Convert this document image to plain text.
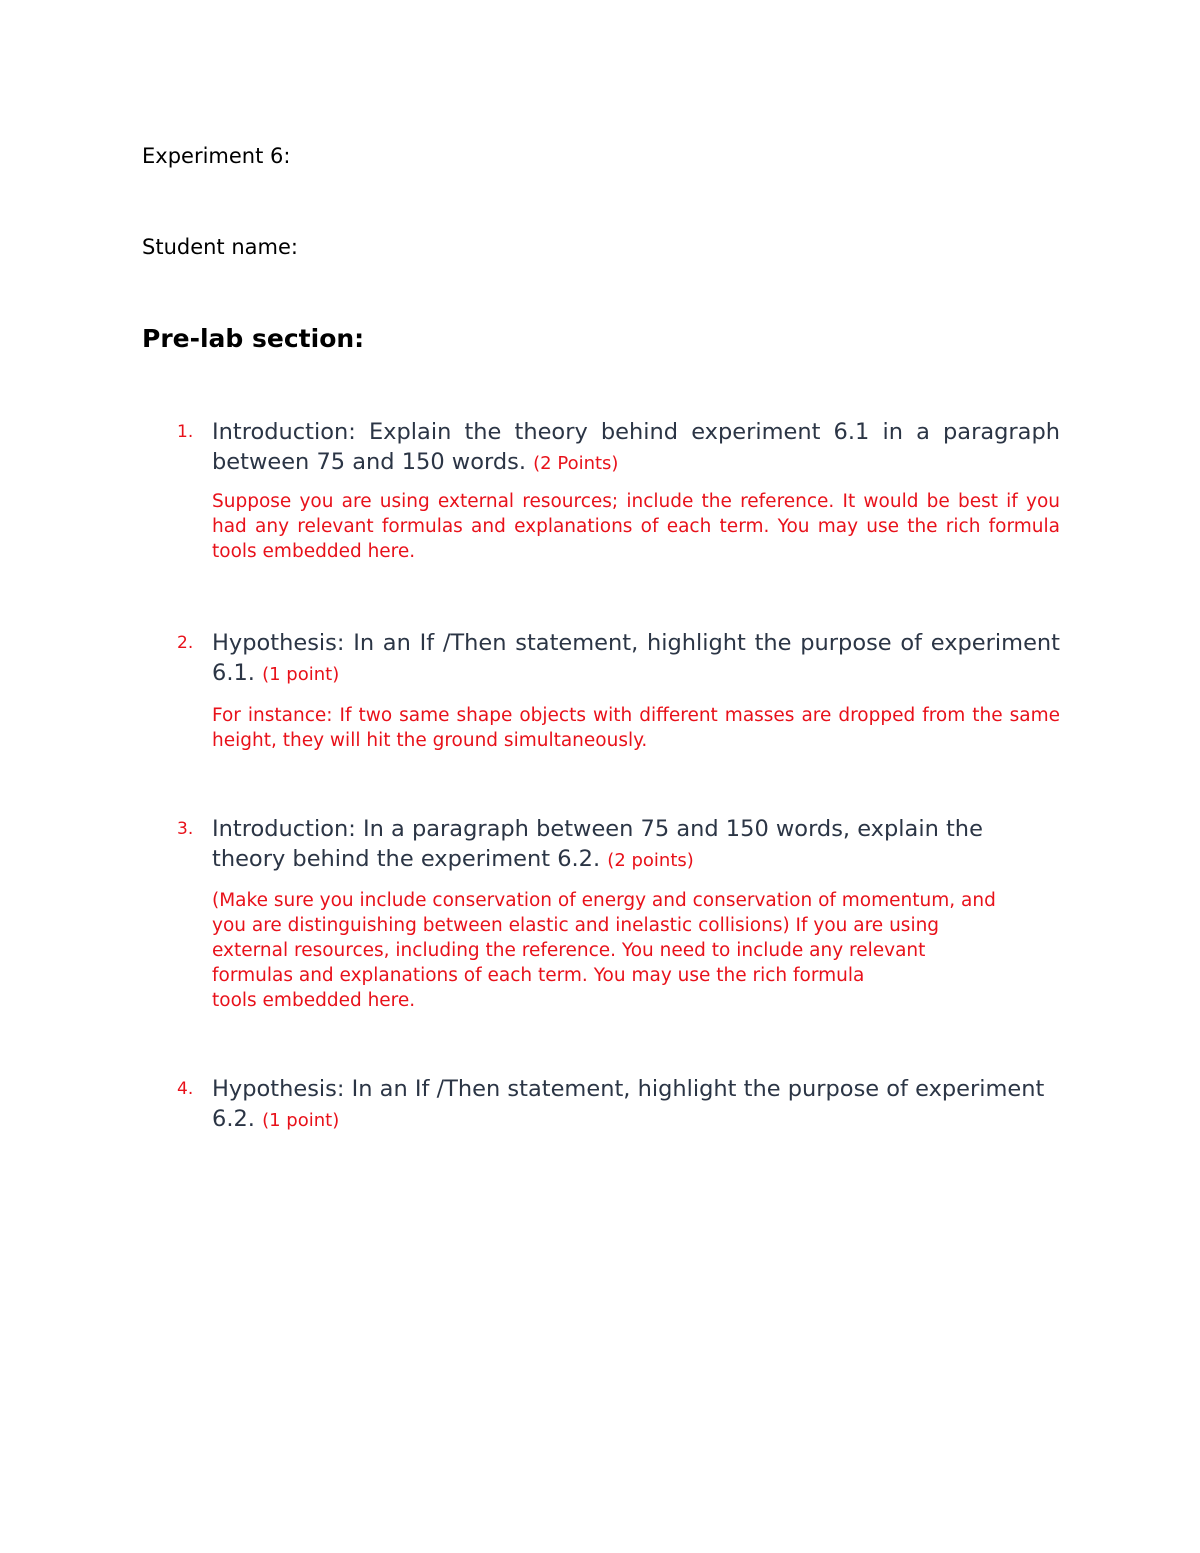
Experiment 6:
Student name:
Pre-lab section:
1. Introduction: Explain the theory behind experiment 6.1 in a paragraph between 75 and 150 words. (2 Points)
Suppose you are using external resources; include the reference. It would be best if you had any relevant formulas and explanations of each term. You may use the rich formula tools embedded here.
2. Hypothesis: In an If /Then statement, highlight the purpose of experiment 6.1. (1 point)
For instance: If two same shape objects with different masses are dropped from the same height, they will hit the ground simultaneously.
3. Introduction: In a paragraph between 75 and 150 words, explain the theory behind the experiment 6.2. (2 points)
(Make sure you include conservation of energy and conservation of momentum, and
you are distinguishing between elastic and inelastic collisions) If you are using
external resources, including the reference. You need to include any relevant
formulas and explanations of each term. You may use the rich formula
tools embedded here.
4. Hypothesis: In an If /Then statement, highlight the purpose of experiment 6.2. (1 point)
